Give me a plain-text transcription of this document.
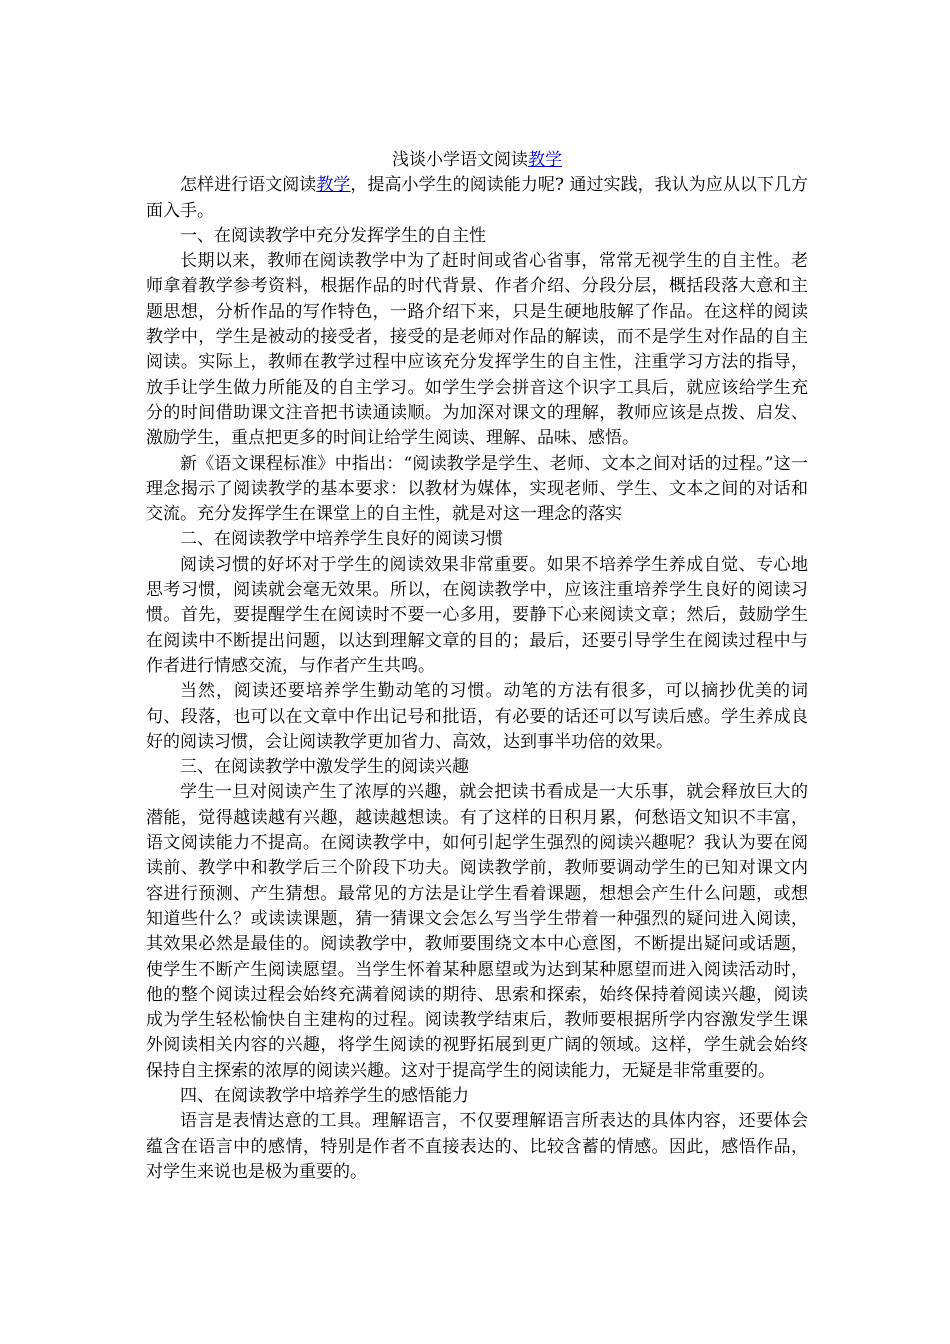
浅谈小学语文阅读教学

怎样进行语文阅读教学，提高小学生的阅读能力呢? 通过实践，我认为应从以下几方面入手。

一、在阅读教学中充分发挥学生的自主性

长期以来，教师在阅读教学中为了赶时间或省心省事，常常无视学生的自主性。老师拿着教学参考资料，根据作品的时代背景、作者介绍、分段分层，概括段落大意和主题思想，分析作品的写作特色，一路介绍下来，只是生硬地肢解了作品。在这样的阅读教学中，学生是被动的接受者，接受的是老师对作品的解读，而不是学生对作品的自主阅读。实际上，教师在教学过程中应该充分发挥学生的自主性，注重学习方法的指导，放手让学生做力所能及的自主学习。如学生学会拼音这个识字工具后，就应该给学生充分的时间借助课文注音把书读通读顺。为加深对课文的理解，教师应该是点拨、启发、激励学生，重点把更多的时间让给学生阅读、理解、品味、感悟。

新《语文课程标准》中指出：“阅读教学是学生、老师、文本之间对话的过程。”这一理念揭示了阅读教学的基本要求：以教材为媒体，实现老师、学生、文本之间的对话和交流。充分发挥学生在课堂上的自主性，就是对这一理念的落实

二、在阅读教学中培养学生良好的阅读习惯

阅读习惯的好坏对于学生的阅读效果非常重要。如果不培养学生养成自觉、专心地思考习惯，阅读就会毫无效果。所以，在阅读教学中，应该注重培养学生良好的阅读习惯。首先，要提醒学生在阅读时不要一心多用，要静下心来阅读文章；然后，鼓励学生在阅读中不断提出问题，以达到理解文章的目的；最后，还要引导学生在阅读过程中与作者进行情感交流，与作者产生共鸣。

当然，阅读还要培养学生勤动笔的习惯。动笔的方法有很多，可以摘抄优美的词句、段落，也可以在文章中作出记号和批语，有必要的话还可以写读后感。学生养成良好的阅读习惯，会让阅读教学更加省力、高效，达到事半功倍的效果。

三、在阅读教学中激发学生的阅读兴趣

学生一旦对阅读产生了浓厚的兴趣，就会把读书看成是一大乐事，就会释放巨大的潜能，觉得越读越有兴趣，越读越想读。有了这样的日积月累，何愁语文知识不丰富，语文阅读能力不提高。在阅读教学中，如何引起学生强烈的阅读兴趣呢？我认为要在阅读前、教学中和教学后三个阶段下功夫。阅读教学前，教师要调动学生的已知对课文内容进行预测、产生猜想。最常见的方法是让学生看着课题，想想会产生什么问题，或想知道些什么？或读读课题，猜一猜课文会怎么写当学生带着一种强烈的疑问进入阅读，其效果必然是最佳的。阅读教学中，教师要围绕文本中心意图，不断提出疑问或话题，使学生不断产生阅读愿望。当学生怀着某种愿望或为达到某种愿望而进入阅读活动时，他的整个阅读过程会始终充满着阅读的期待、思索和探索，始终保持着阅读兴趣，阅读成为学生轻松愉快自主建构的过程。阅读教学结束后，教师要根据所学内容激发学生课外阅读相关内容的兴趣，将学生阅读的视野拓展到更广阔的领域。这样，学生就会始终保持自主探索的浓厚的阅读兴趣。这对于提高学生的阅读能力，无疑是非常重要的。

四、在阅读教学中培养学生的感悟能力

语言是表情达意的工具。理解语言，不仅要理解语言所表达的具体内容，还要体会蕴含在语言中的感情，特别是作者不直接表达的、比较含蓄的情感。因此，感悟作品，对学生来说也是极为重要的。
